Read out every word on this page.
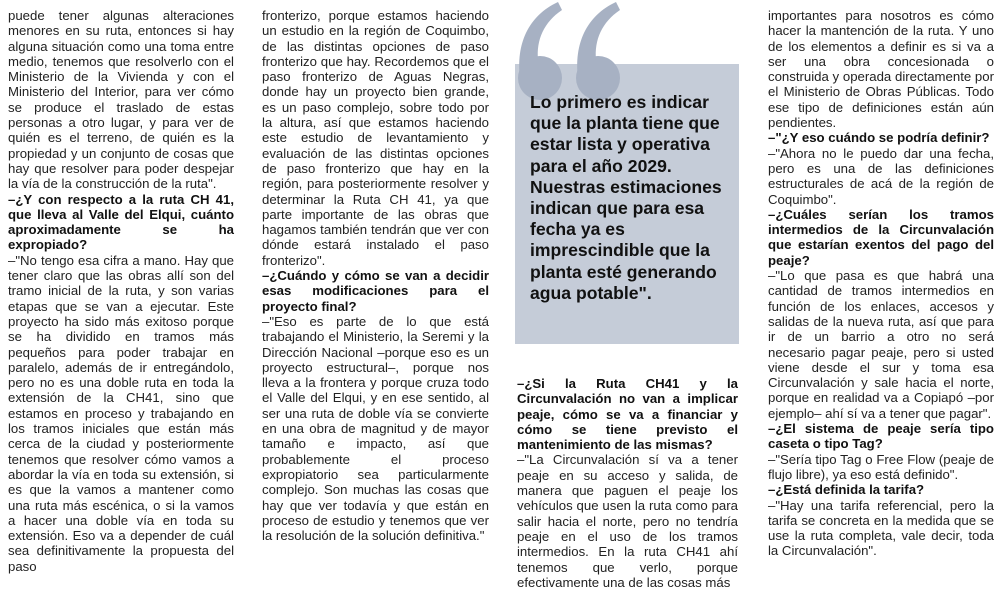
puede tener algunas alteraciones menores en su ruta, entonces si hay alguna situación como una toma entre medio, tenemos que resolverlo con el Ministerio de la Vivienda y con el Ministerio del Interior, para ver cómo se produce el traslado de estas personas a otro lugar, y para ver de quién es el terreno, de quién es la propiedad y un conjunto de cosas que hay que resolver para poder despejar la vía de la construcción de la ruta".

–¿Y con respecto a la ruta CH 41, que lleva al Valle del Elqui, cuánto aproximadamente se ha expropiado?

–"No tengo esa cifra a mano. Hay que tener claro que las obras allí son del tramo inicial de la ruta, y son varias etapas que se van a ejecutar. Este proyecto ha sido más exitoso porque se ha dividido en tramos más pequeños para poder trabajar en paralelo, además de ir entregándolo, pero no es una doble ruta en toda la extensión de la CH41, sino que estamos en proceso y trabajando en los tramos iniciales que están más cerca de la ciudad y posteriormente tenemos que resolver cómo vamos a abordar la vía en toda su extensión, si es que la vamos a mantener como una ruta más escénica, o si la vamos a hacer una doble vía en toda su extensión. Eso va a depender de cuál sea definitivamente la propuesta del paso

fronterizo, porque estamos haciendo un estudio en la región de Coquimbo, de las distintas opciones de paso fronterizo que hay. Recordemos que el paso fronterizo de Aguas Negras, donde hay un proyecto bien grande, es un paso complejo, sobre todo por la altura, así que estamos haciendo este estudio de levantamiento y evaluación de las distintas opciones de paso fronterizo que hay en la región, para posteriormente resolver y determinar la Ruta CH 41, ya que parte importante de las obras que hagamos también tendrán que ver con dónde estará instalado el paso fronterizo".

–¿Cuándo y cómo se van a decidir esas modificaciones para el proyecto final?

–"Eso es parte de lo que está trabajando el Ministerio, la Seremi y la Dirección Nacional –porque eso es un proyecto estructural–, porque nos lleva a la frontera y porque cruza todo el Valle del Elqui, y en ese sentido, al ser una ruta de doble vía se convierte en una obra de magnitud y de mayor tamaño e impacto, así que probablemente el proceso expropiatorio sea particularmente complejo. Son muchas las cosas que hay que ver todavía y que están en proceso de estudio y tenemos que ver la resolución de la solución definitiva."

Lo primero es indicar que la planta tiene que estar lista y operativa para el año 2029. Nuestras estimaciones indican que para esa fecha ya es imprescindible que la planta esté generando agua potable".

–¿Si la Ruta CH41 y la Circunvalación no van a implicar peaje, cómo se va a financiar y cómo se tiene previsto el mantenimiento de las mismas?

–"La Circunvalación sí va a tener peaje en su acceso y salida, de manera que paguen el peaje los vehículos que usen la ruta como para salir hacia el norte, pero no tendría peaje en el uso de los tramos intermedios. En la ruta CH41 ahí tenemos que verlo, porque efectivamente una de las cosas más

importantes para nosotros es cómo hacer la mantención de la ruta. Y uno de los elementos a definir es si va a ser una obra concesionada o construida y operada directamente por el Ministerio de Obras Públicas. Todo ese tipo de definiciones están aún pendientes.

–"¿Y eso cuándo se podría definir?

–"Ahora no le puedo dar una fecha, pero es una de las definiciones estructurales de acá de la región de Coquimbo".

–¿Cuáles serían los tramos intermedios de la Circunvalación que estarían exentos del pago del peaje?

–"Lo que pasa es que habrá una cantidad de tramos intermedios en función de los enlaces, accesos y salidas de la nueva ruta, así que para ir de un barrio a otro no será necesario pagar peaje, pero si usted viene desde el sur y toma esa Circunvalación y sale hacia el norte, porque en realidad va a Copiapó –por ejemplo– ahí sí va a tener que pagar".

–¿El sistema de peaje sería tipo caseta o tipo Tag?

–"Sería tipo Tag o Free Flow (peaje de flujo libre), ya eso está definido".

–¿Está definida la tarifa?

–"Hay una tarifa referencial, pero la tarifa se concreta en la medida que se use la ruta completa, vale decir, toda la Circunvalación".
